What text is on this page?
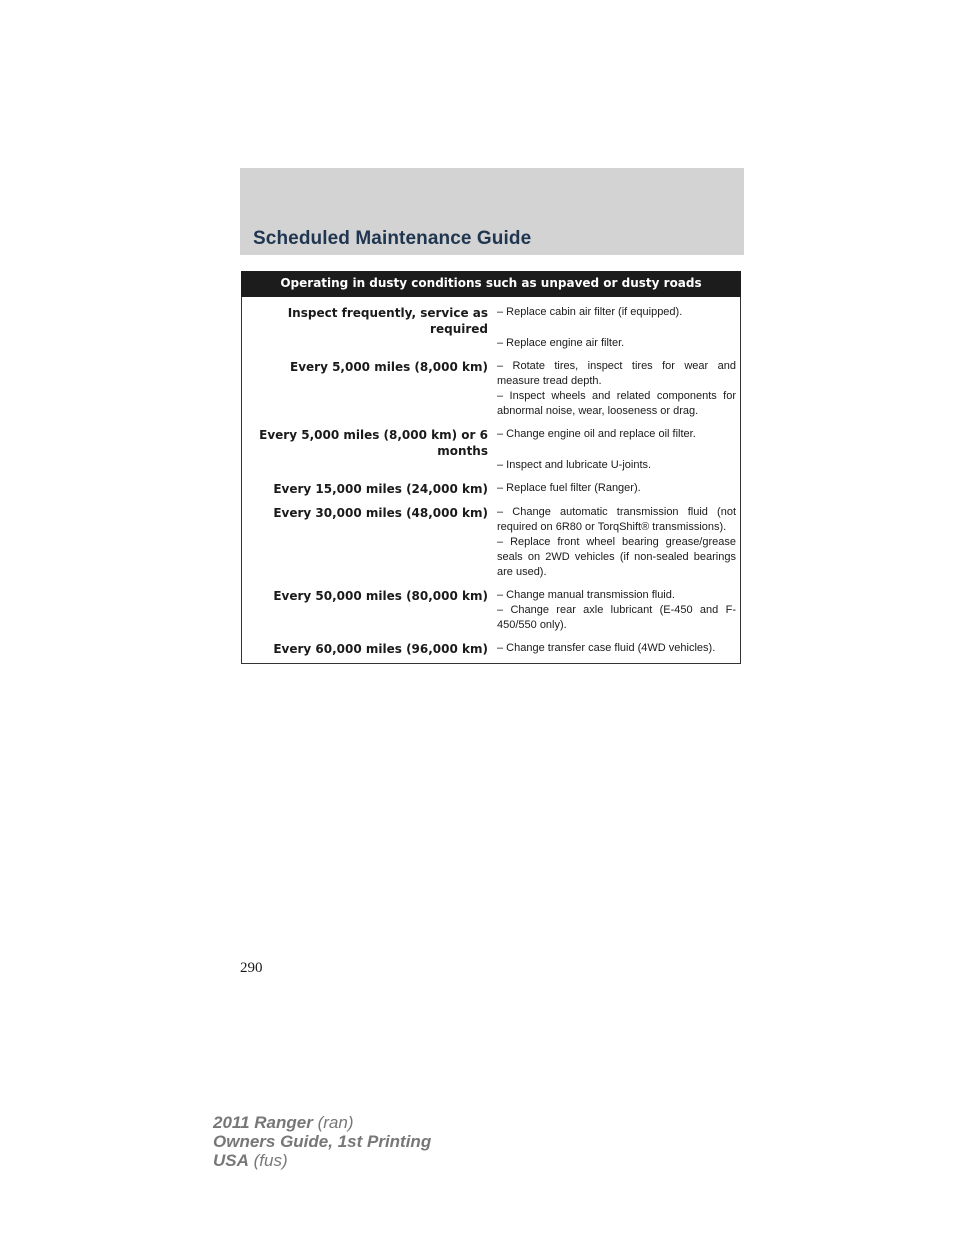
Scheduled Maintenance Guide
Operating in dusty conditions such as unpaved or dusty roads
Inspect frequently, service as required
– Replace cabin air filter (if equipped).
– Replace engine air filter.
Every 5,000 miles (8,000 km) – Rotate tires, inspect tires for wear and measure tread depth.
– Inspect wheels and related components for abnormal noise, wear, looseness or drag.
Every 5,000 miles (8,000 km) or 6 months
– Change engine oil and replace oil filter.
– Inspect and lubricate U-joints.
Every 15,000 miles (24,000 km) – Replace fuel filter (Ranger).
Every 30,000 miles (48,000 km) – Change automatic transmission fluid (not required on 6R80 or TorqShift® transmissions).
– Replace front wheel bearing grease/grease seals on 2WD vehicles (if non-sealed bearings are used).
Every 50,000 miles (80,000 km) – Change manual transmission fluid.
– Change rear axle lubricant (E-450 and F-450/550 only).
Every 60,000 miles (96,000 km) – Change transfer case fluid (4WD vehicles).
290
2011 Ranger (ran)
Owners Guide, 1st Printing
USA (fus)
